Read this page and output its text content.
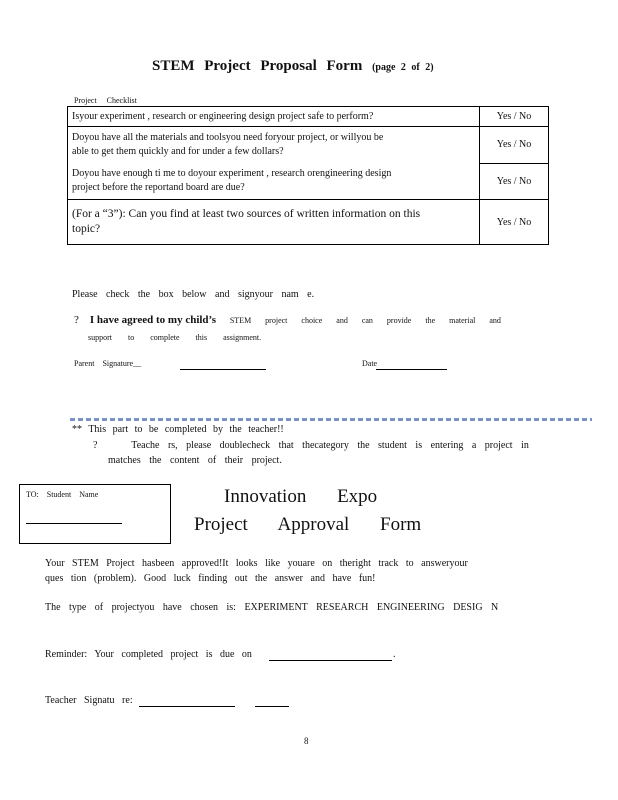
STEM Project Proposal Form (page 2 of 2)
Project Checklist
Isyour experiment , research or engineering design project safe to perform?	Yes / No

Doyou have all the materials and toolsyou need foryour project, or willyou be
able to get them quickly and for under a few dollars?	Yes / No

Doyou have enough ti me to doyour experiment , research orengineering design
project before the reportand board are due?	Yes / No

(For a “3”): Can you find at least two sources of written information on this
topic?	Yes / No
Please check the box below and signyour nam e.
? I have agreed to my child’s STEM project choice and can provide the material and
support to complete this assignment.
Parent Signature__	Date
** This part to be completed by the teacher!!
?	Teache rs, please doublecheck that thecategory the student is entering a project in
matches the content of their project.
TO: Student Name	Innovation Expo
Project Approval Form
Your STEM Project hasbeen approved!It looks like youare on theright track to answeryour
ques tion (problem). Good luck finding out the answer and have fun!
The type of projectyou have chosen is: EXPERIMENT RESEARCH ENGINEERING DESIG N
Reminder: Your completed project is due on	.
Teacher Signatu re:
8
